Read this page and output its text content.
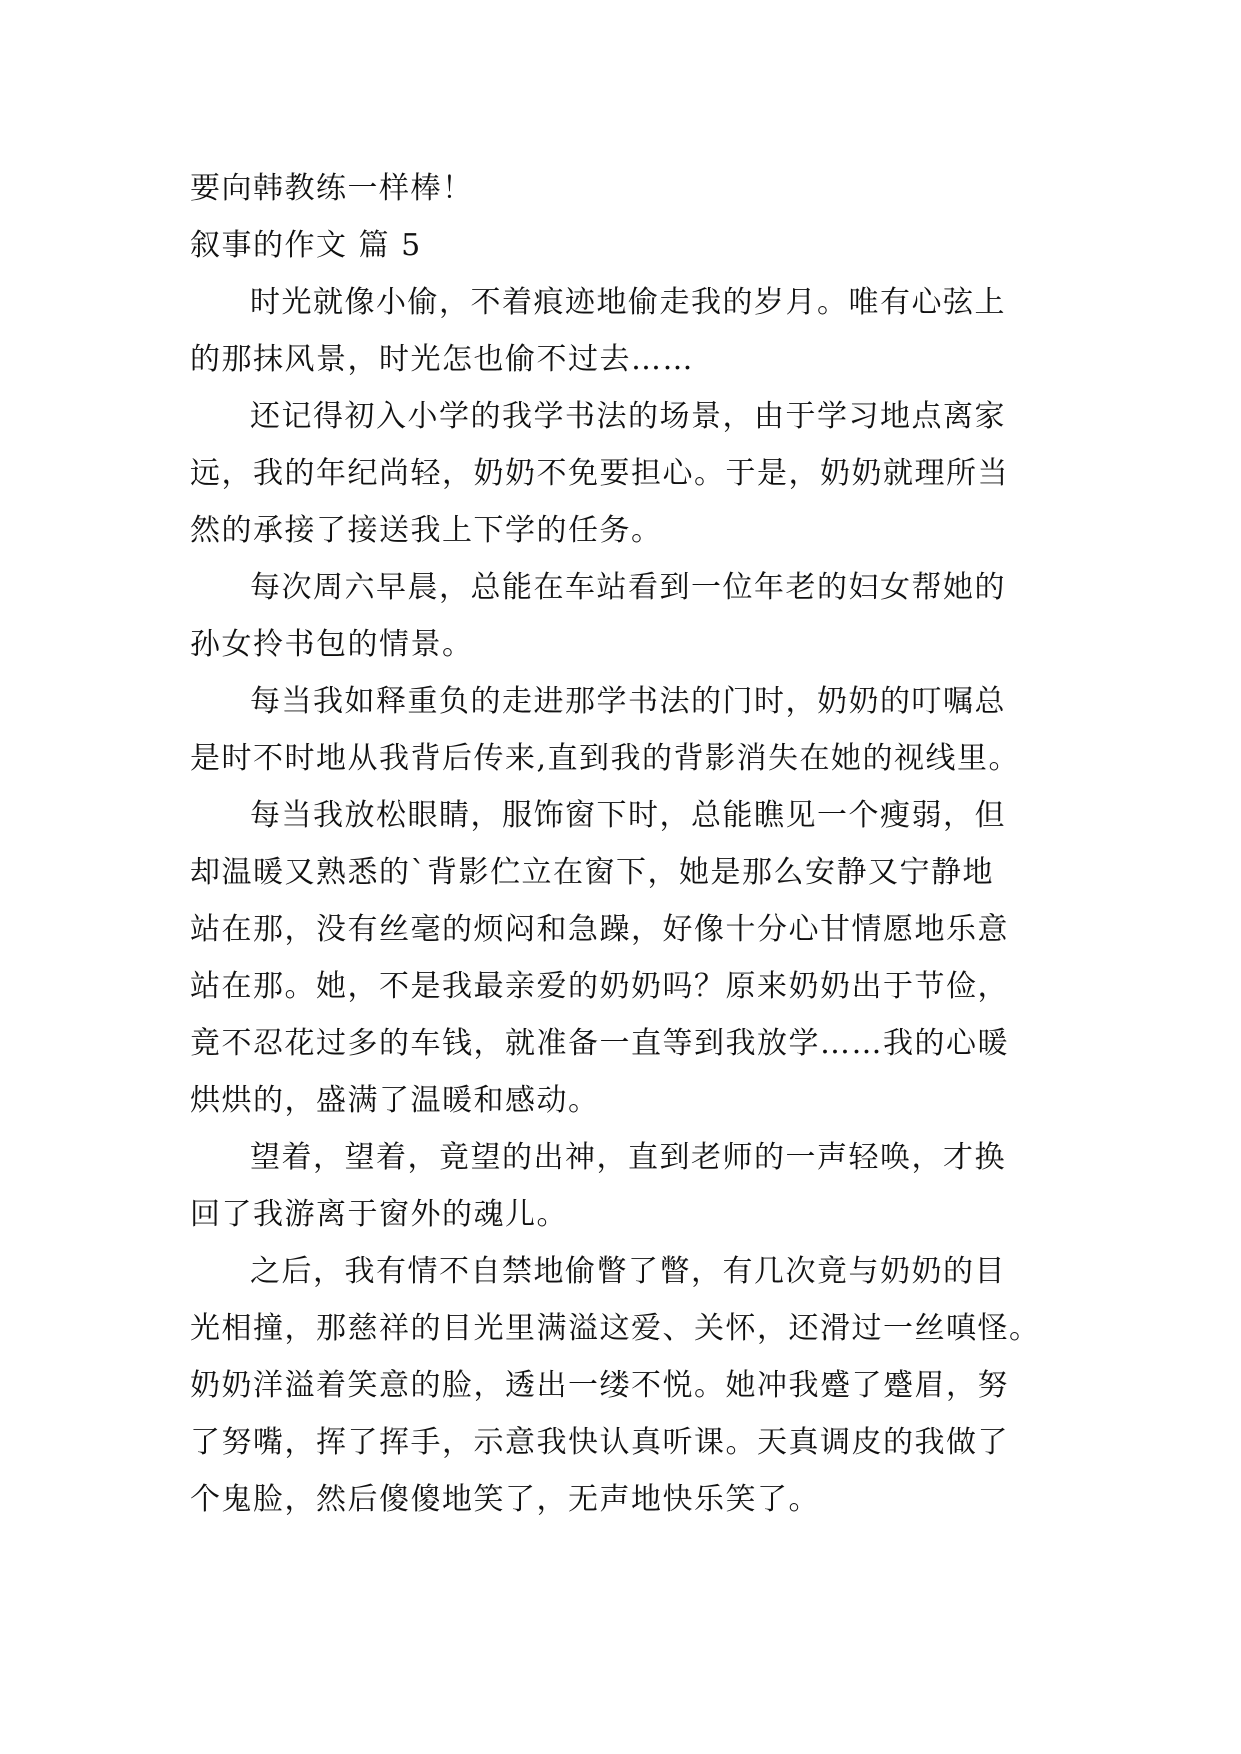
要向韩教练一样棒！

叙事的作文 篇 5

时光就像小偷，不着痕迹地偷走我的岁月。唯有心弦上

的那抹风景，时光怎也偷不过去……

还记得初入小学的我学书法的场景，由于学习地点离家

远，我的年纪尚轻，奶奶不免要担心。于是，奶奶就理所当

然的承接了接送我上下学的任务。

每次周六早晨，总能在车站看到一位年老的妇女帮她的

孙女拎书包的情景。

每当我如释重负的走进那学书法的门时，奶奶的叮嘱总

是时不时地从我背后传来,直到我的背影消失在她的视线里。

每当我放松眼睛，服饰窗下时，总能瞧见一个瘦弱，但

却温暖又熟悉的`背影伫立在窗下，她是那么安静又宁静地

站在那，没有丝毫的烦闷和急躁，好像十分心甘情愿地乐意

站在那。她，不是我最亲爱的奶奶吗？原来奶奶出于节俭，

竟不忍花过多的车钱，就准备一直等到我放学……我的心暖

烘烘的，盛满了温暖和感动。

望着，望着，竟望的出神，直到老师的一声轻唤，才换

回了我游离于窗外的魂儿。

之后，我有情不自禁地偷瞥了瞥，有几次竟与奶奶的目

光相撞，那慈祥的目光里满溢这爱、关怀，还滑过一丝嗔怪。

奶奶洋溢着笑意的脸，透出一缕不悦。她冲我蹙了蹙眉，努

了努嘴，挥了挥手，示意我快认真听课。天真调皮的我做了

个鬼脸，然后傻傻地笑了，无声地快乐笑了。
